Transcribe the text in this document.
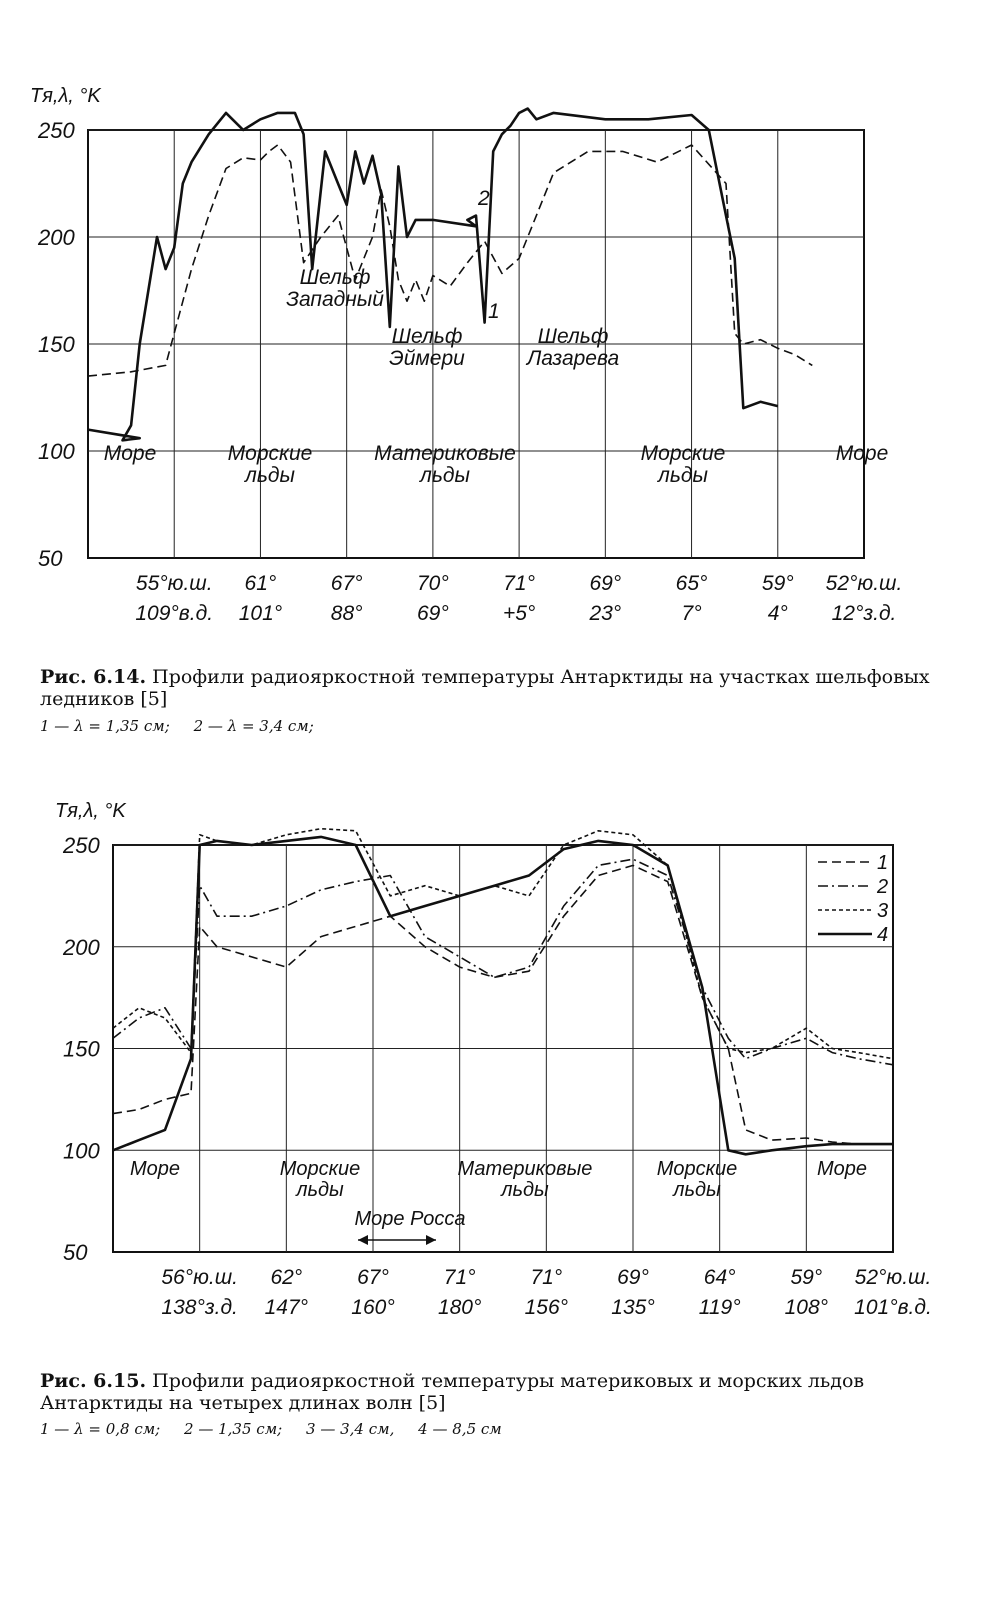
250
200
150
100
50
55°ю.ш.
109°в.д.
61°
101°
67°
88°
70°
69°
71°
+5°
69°
23°
65°
7°
59°
4°
52°ю.ш.
12°з.д.
Tя,λ, °K
Шельф Западный
Шельф Эймери
Шельф Лазарева
Море	Морские льды
Материковые льды
Морские льды
Море
2
1
250
200
150
100
50
56°ю.ш.
138°з.д.
62°
147°
67°
160°
71°
180°
71°
156°
69°
135°
64°
119°
59°
108°
52°ю.ш.
101°в.д.
Tя,λ, °K
Море	Морские льды
Материковые льды
Морские льды
Море
Море Росса
1
2
3
4
Рис. 6.14. Профили радиояркостной температуры Антарктиды на участках шельфовых ледников [5]
1 — λ = 1,35 см;     2 — λ = 3,4 см;
Рис. 6.15. Профили радиояркостной температуры материковых и морских льдов Антарктиды на четырех длинах волн [5]
1 — λ = 0,8 см;     2 — 1,35 см;     3 — 3,4 см,     4 — 8,5 см
